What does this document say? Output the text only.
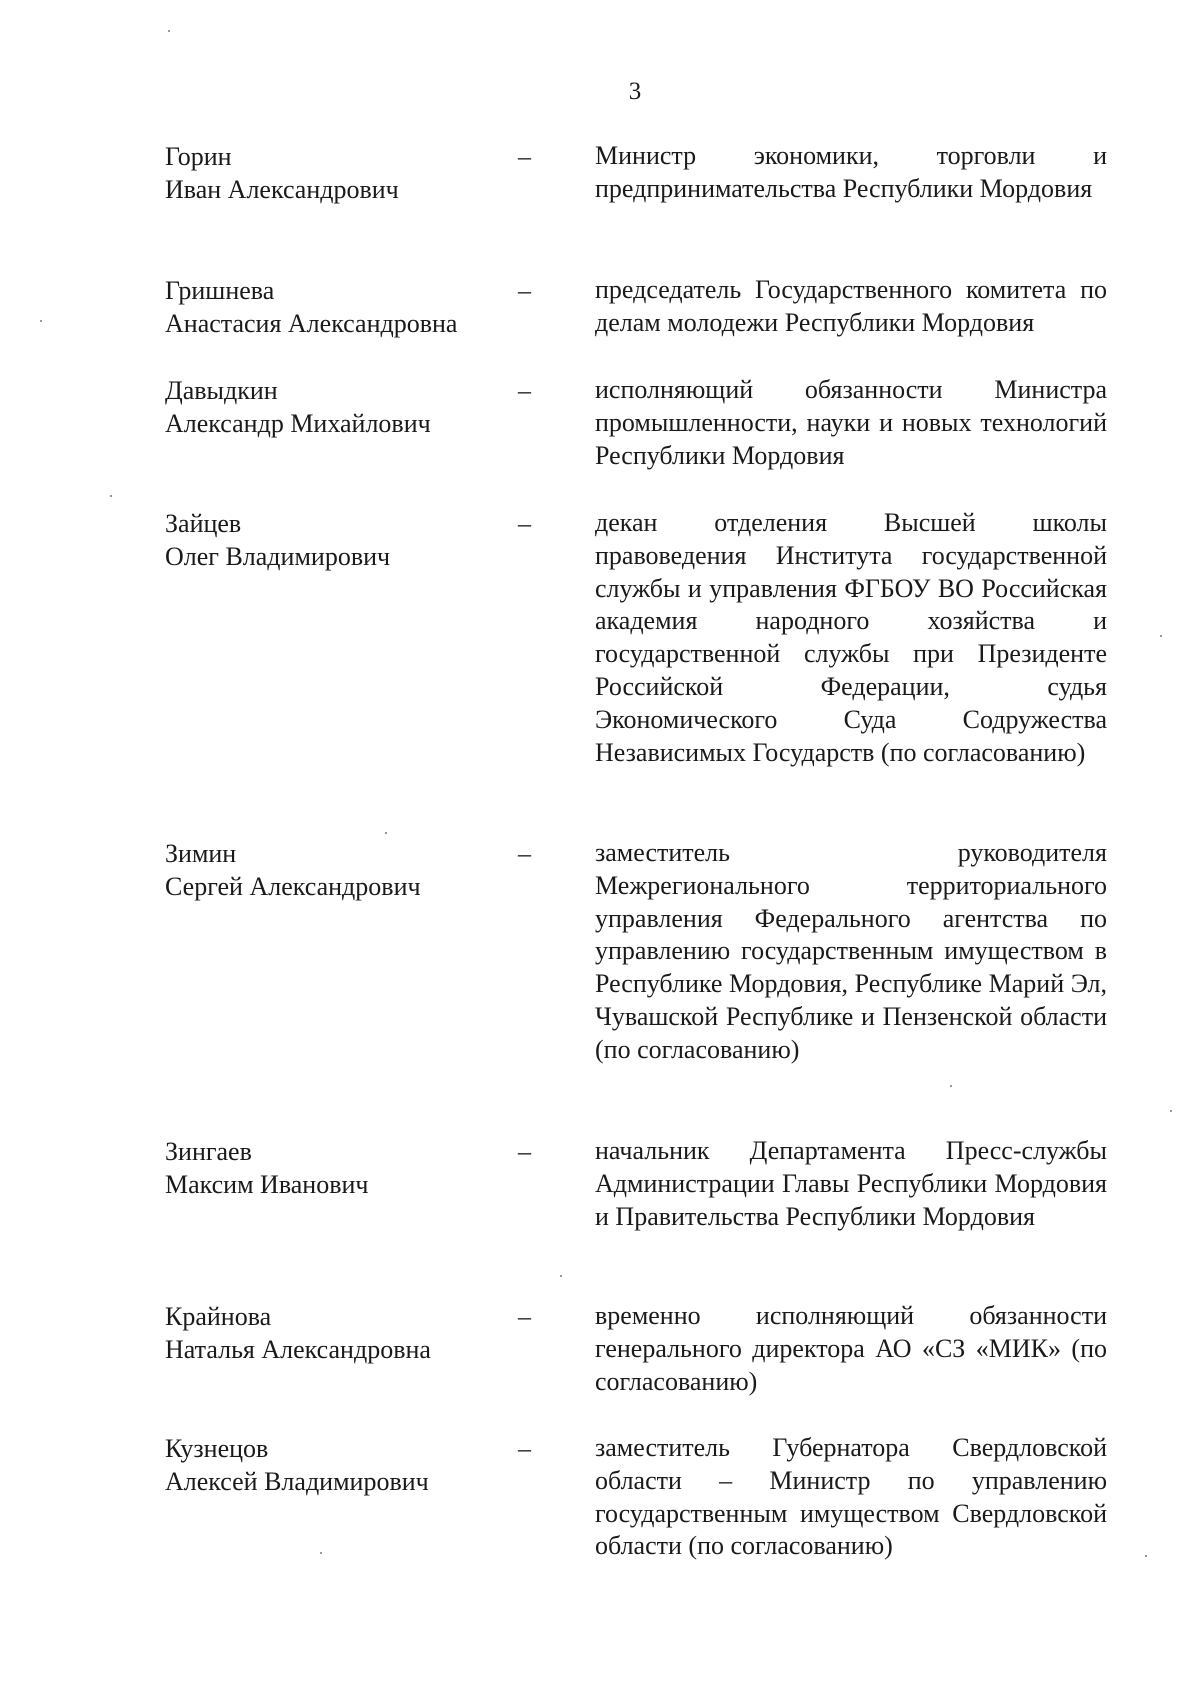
3
Горин
Иван Александрович
– Министр экономики, торговли и предпринимательства Республики Мордовия
Гришнева
Анастасия Александровна
– председатель Государственного комитета по делам молодежи Республики Мордовия
Давыдкин
Александр Михайлович
– исполняющий обязанности Министра промышленности, науки и новых технологий Республики Мордовия
Зайцев
Олег Владимирович
– декан отделения Высшей школы правоведения Института государственной службы и управления ФГБОУ ВО Российская академия народного хозяйства и государственной службы при Президенте Российской Федерации, судья Экономического Суда Содружества Независимых Государств (по согласованию)
Зимин
Сергей Александрович
– заместитель руководителя Межрегионального территориального управления Федерального агентства по управлению государственным имуществом в Республике Мордовия, Республике Марий Эл, Чувашской Республике и Пензенской области (по согласованию)
Зингаев
Максим Иванович
– начальник Департамента Пресс-службы Администрации Главы Республики Мордовия и Правительства Республики Мордовия
Крайнова
Наталья Александровна
– временно исполняющий обязанности генерального директора АО «СЗ «МИК» (по согласованию)
Кузнецов
Алексей Владимирович
– заместитель Губернатора Свердловской области – Министр по управлению государственным имуществом Свердловской области (по согласованию)
